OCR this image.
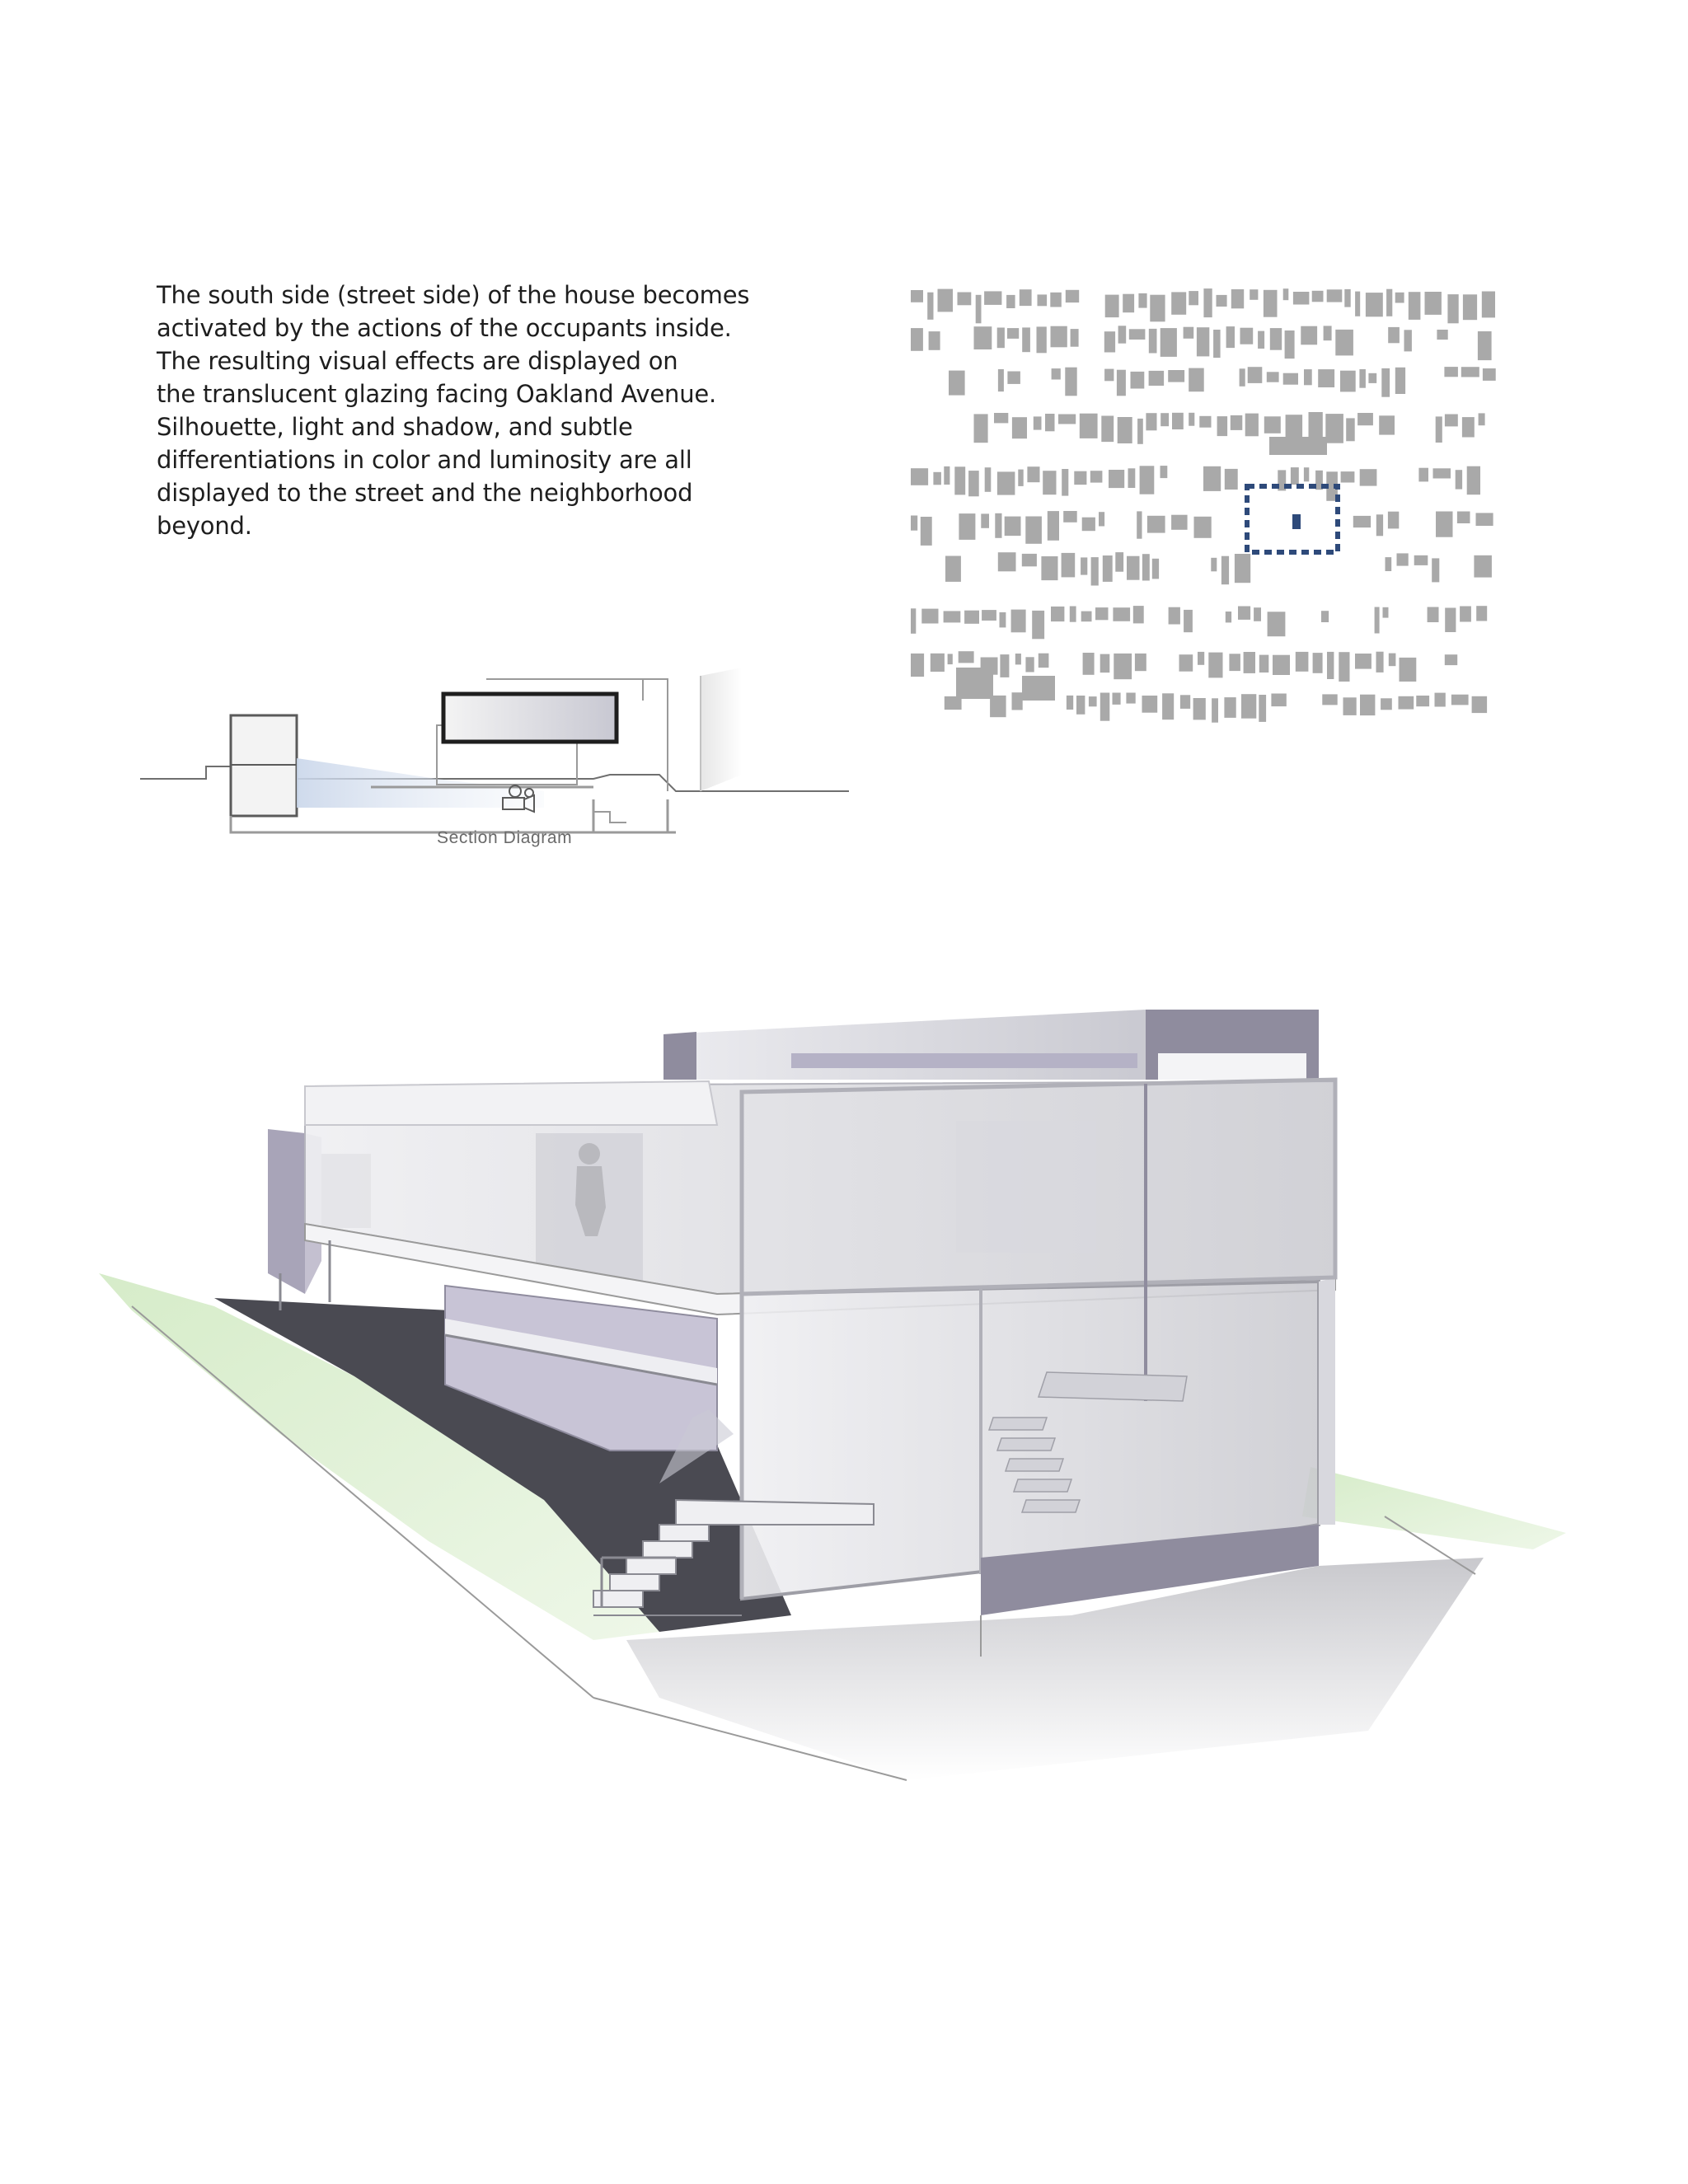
The south side (street side) of the house becomes
activated by the actions of the occupants inside.
The resulting visual effects are displayed on
the translucent glazing facing Oakland Avenue.
Silhouette, light and shadow, and subtle
differentiations in color and luminosity are all
displayed to the street and the neighborhood
beyond.

Section Diagram
